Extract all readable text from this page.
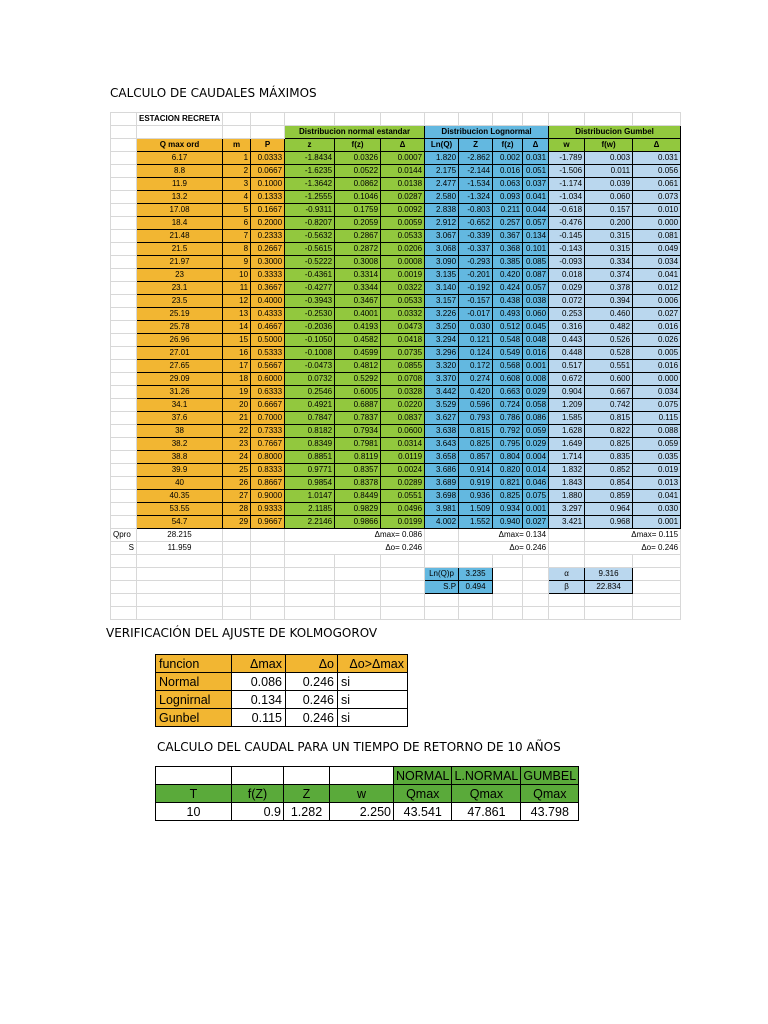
CALCULO DE CAUDALES MÁXIMOS
	ESTACION RECRETA												
				Distribucion normal estandar			Distribucion Lognormal				Distribucion Gumbel		
	Q max ord	m	P	z	f(z)	Δ	Ln(Q)	Z	f(z)	Δ	w	f(w)	Δ
	6.17	1	0.0333	-1.8434	0.0326	0.0007	1.820	-2.862	0.002	0.031	-1.789	0.003	0.031
	8.8	2	0.0667	-1.6235	0.0522	0.0144	2.175	-2.144	0.016	0.051	-1.506	0.011	0.056
	11.9	3	0.1000	-1.3642	0.0862	0.0138	2.477	-1.534	0.063	0.037	-1.174	0.039	0.061
	13.2	4	0.1333	-1.2555	0.1046	0.0287	2.580	-1.324	0.093	0.041	-1.034	0.060	0.073
	17.08	5	0.1667	-0.9311	0.1759	0.0092	2.838	-0.803	0.211	0.044	-0.618	0.157	0.010
	18.4	6	0.2000	-0.8207	0.2059	0.0059	2.912	-0.652	0.257	0.057	-0.476	0.200	0.000
	21.48	7	0.2333	-0.5632	0.2867	0.0533	3.067	-0.339	0.367	0.134	-0.145	0.315	0.081
	21.5	8	0.2667	-0.5615	0.2872	0.0206	3.068	-0.337	0.368	0.101	-0.143	0.315	0.049
	21.97	9	0.3000	-0.5222	0.3008	0.0008	3.090	-0.293	0.385	0.085	-0.093	0.334	0.034
	23	10	0.3333	-0.4361	0.3314	0.0019	3.135	-0.201	0.420	0.087	0.018	0.374	0.041
	23.1	11	0.3667	-0.4277	0.3344	0.0322	3.140	-0.192	0.424	0.057	0.029	0.378	0.012
	23.5	12	0.4000	-0.3943	0.3467	0.0533	3.157	-0.157	0.438	0.038	0.072	0.394	0.006
	25.19	13	0.4333	-0.2530	0.4001	0.0332	3.226	-0.017	0.493	0.060	0.253	0.460	0.027
	25.78	14	0.4667	-0.2036	0.4193	0.0473	3.250	0.030	0.512	0.045	0.316	0.482	0.016
	26.96	15	0.5000	-0.1050	0.4582	0.0418	3.294	0.121	0.548	0.048	0.443	0.526	0.026
	27.01	16	0.5333	-0.1008	0.4599	0.0735	3.296	0.124	0.549	0.016	0.448	0.528	0.005
	27.65	17	0.5667	-0.0473	0.4812	0.0855	3.320	0.172	0.568	0.001	0.517	0.551	0.016
	29.09	18	0.6000	0.0732	0.5292	0.0708	3.370	0.274	0.608	0.008	0.672	0.600	0.000
	31.26	19	0.6333	0.2546	0.6005	0.0328	3.442	0.420	0.663	0.029	0.904	0.667	0.034
	34.1	20	0.6667	0.4921	0.6887	0.0220	3.529	0.596	0.724	0.058	1.209	0.742	0.075
	37.6	21	0.7000	0.7847	0.7837	0.0837	3.627	0.793	0.786	0.086	1.585	0.815	0.115
	38	22	0.7333	0.8182	0.7934	0.0600	3.638	0.815	0.792	0.059	1.628	0.822	0.088
	38.2	23	0.7667	0.8349	0.7981	0.0314	3.643	0.825	0.795	0.029	1.649	0.825	0.059
	38.8	24	0.8000	0.8851	0.8119	0.0119	3.658	0.857	0.804	0.004	1.714	0.835	0.035
	39.9	25	0.8333	0.9771	0.8357	0.0024	3.686	0.914	0.820	0.014	1.832	0.852	0.019
	40	26	0.8667	0.9854	0.8378	0.0289	3.689	0.919	0.821	0.046	1.843	0.854	0.013
	40.35	27	0.9000	1.0147	0.8449	0.0551	3.698	0.936	0.825	0.075	1.880	0.859	0.041
	53.55	28	0.9333	2.1185	0.9829	0.0496	3.981	1.509	0.934	0.001	3.297	0.964	0.030
	54.7	29	0.9667	2.2146	0.9866	0.0199	4.002	1.552	0.940	0.027	3.421	0.968	0.001
Qpro	28.215			Δmax= 0.086				Δmax= 0.134				Δmax= 0.115	
S	11.959			Δo= 0.246				Δo= 0.246				Δo= 0.246	

							Ln(Q)p	3.235			α	9.316	
							S.P	0.494			β	22.834	

VERIFICACIÓN DEL AJUSTE DE KOLMOGOROV
funcion	Δmax	Δo	Δo>Δmax
Normal	0.086	0.246	si
Lognirnal	0.134	0.246	si
Gunbel	0.115	0.246	si
CALCULO DEL CAUDAL PARA UN TIEMPO DE RETORNO DE 10 AÑOS
				NORMAL	L.NORMAL	GUMBEL
T	f(Z)	Z	w	Qmax	Qmax	Qmax
10	0.9	1.282	2.250	43.541	47.861	43.798
